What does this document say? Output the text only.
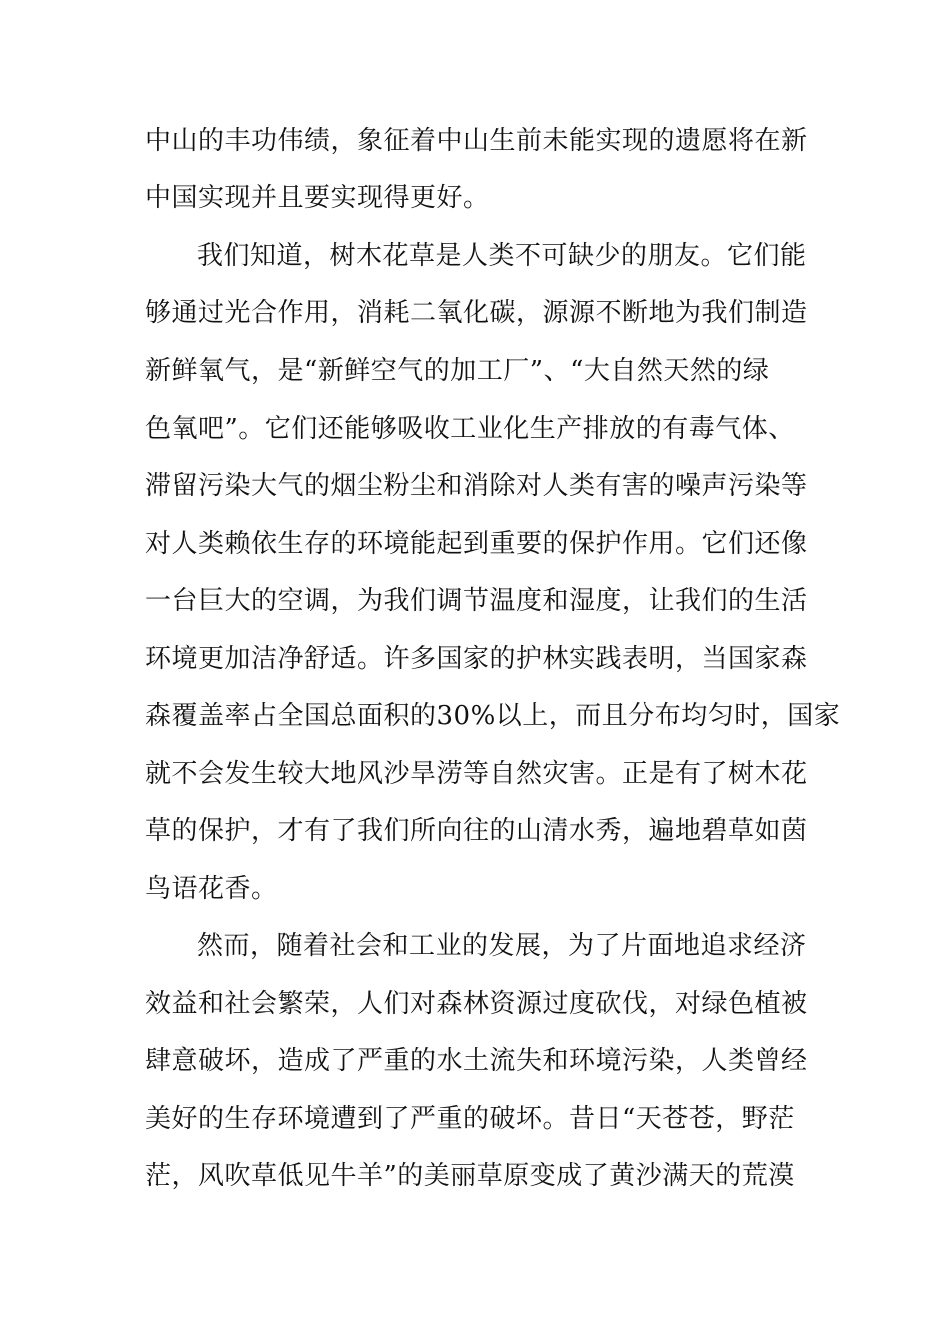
中山的丰功伟绩，象征着中山生前未能实现的遗愿将在新
中国实现并且要实现得更好。
我们知道，树木花草是人类不可缺少的朋友。它们能
够通过光合作用，消耗二氧化碳，源源不断地为我们制造
新鲜氧气，是“新鲜空气的加工厂”、“大自然天然的绿
色氧吧”。它们还能够吸收工业化生产排放的有毒气体、
滞留污染大气的烟尘粉尘和消除对人类有害的噪声污染等
对人类赖依生存的环境能起到重要的保护作用。它们还像
一台巨大的空调，为我们调节温度和湿度，让我们的生活
环境更加洁净舒适。许多国家的护林实践表明，当国家森
森覆盖率占全国总面积的30%以上，而且分布均匀时，国家
就不会发生较大地风沙旱涝等自然灾害。正是有了树木花
草的保护，才有了我们所向往的山清水秀，遍地碧草如茵
鸟语花香。
然而，随着社会和工业的发展，为了片面地追求经济
效益和社会繁荣，人们对森林资源过度砍伐，对绿色植被
肆意破坏，造成了严重的水土流失和环境污染，人类曾经
美好的生存环境遭到了严重的破坏。昔日“天苍苍，野茫
茫，风吹草低见牛羊”的美丽草原变成了黄沙满天的荒漠
